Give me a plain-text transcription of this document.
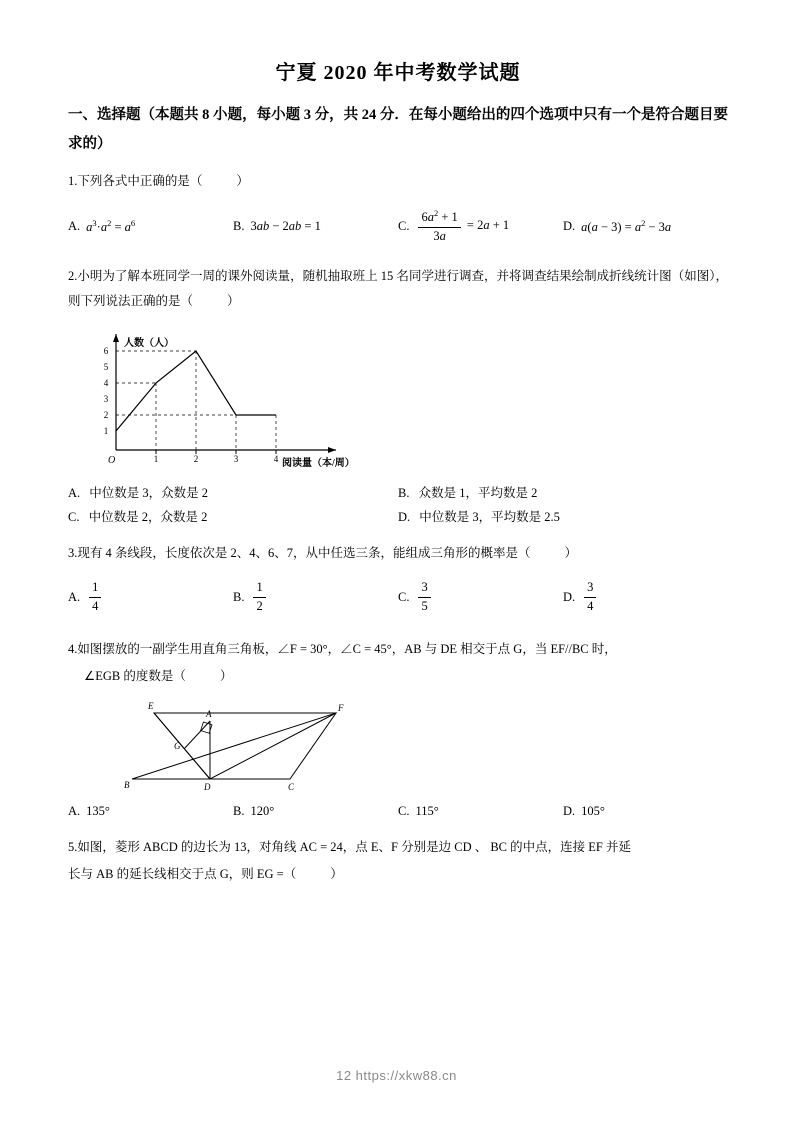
宁夏 2020 年中考数学试题
一、选择题（本题共 8 小题，每小题 3 分，共 24 分．在每小题给出的四个选项中只有一个是符合题目要求的）
1.下列各式中正确的是（	）
A. $a^3\cdot a^2 = a^6$	B. 3ab − 2ab = 1	C. $\frac{6a^2 + 1}{3a} = 2a + 1$	D. $a(a - 3) = a^2 - 3a$
2.小明为了解本班同学一周的课外阅读量，随机抽取班上 15 名同学进行调查，并将调查结果绘制成折线统计图（如图），则下列说法正确的是（	）
6
5
4
3
2
1
1	2	3	4
人数（人）
阅读量（本/周）
O
A. 中位数是 3，众数是 2	B. 众数是 1，平均数是 2
C. 中位数是 2，众数是 2	D. 中位数是 3，平均数是 2.5
3.现有 4 条线段，长度依次是 2、4、6、7，从中任选三条，能组成三角形的概率是（	）
A. $\frac{1}{4}$	B. $\frac{1}{2}$	C. $\frac{3}{5}$	D. $\frac{3}{4}$
4.如图摆放的一副学生用直角三角板，∠F = 30°，∠C = 45°，AB 与 DE 相交于点 G，当 EF//BC 时，
∠EGB 的度数是（	）
E
A
F
G
D
B	C
A. 135°	B. 120°	C. 115°	D. 105°
5.如图，菱形 ABCD 的边长为 13，对角线 AC = 24，点 E、F 分别是边 CD 、 BC 的中点，连接 EF 并延
长与 AB 的延长线相交于点 G，则 EG =（	）
12 https://xkw88.cn
